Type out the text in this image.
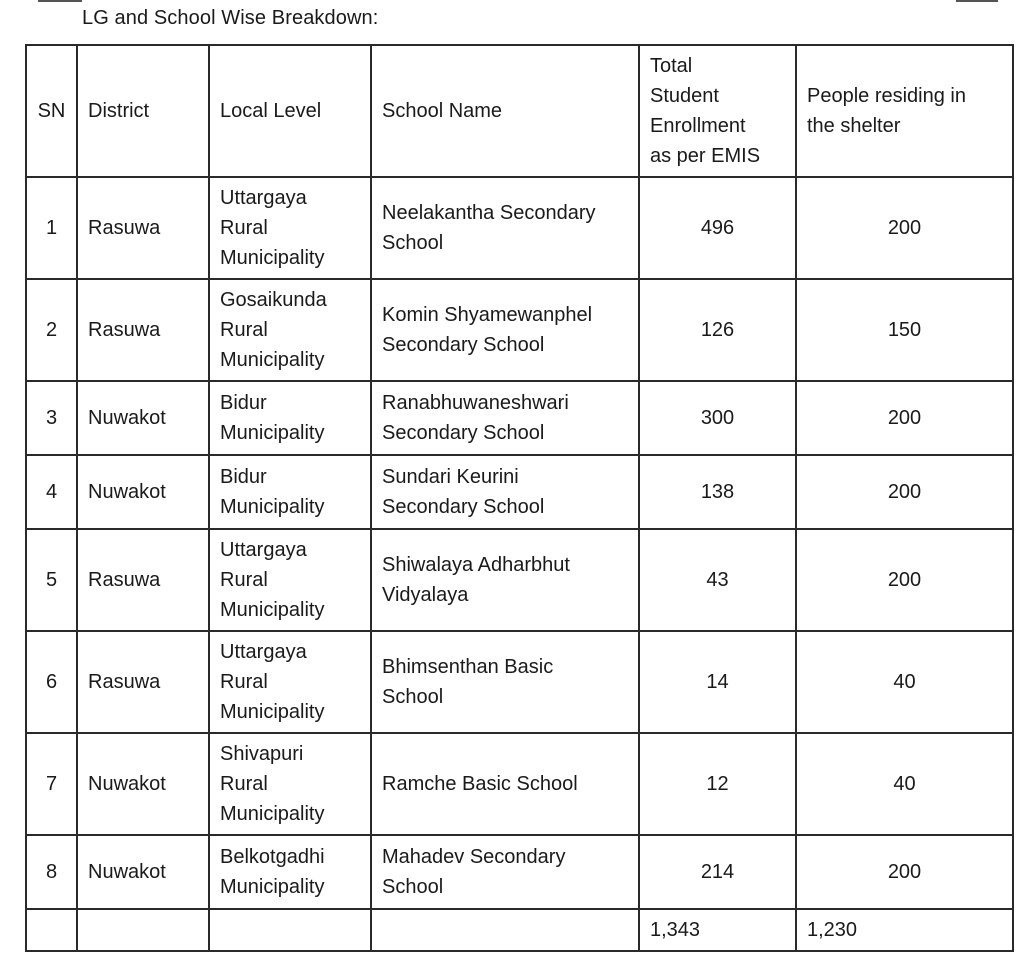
LG and School Wise Breakdown:
SN	District	Local Level	School Name	Total
Student
Enrollment
as per EMIS	People residing in
the shelter

1	Rasuwa	Uttargaya
Rural
Municipality	Neelakantha Secondary
School	496	200
2	Rasuwa	Gosaikunda
Rural
Municipality	Komin Shyamewanphel
Secondary School	126	150
3	Nuwakot	Bidur
Municipality	Ranabhuwaneshwari
Secondary School	300	200
4	Nuwakot	Bidur
Municipality	Sundari Keurini
Secondary School	138	200
5	Rasuwa	Uttargaya
Rural
Municipality	Shiwalaya Adharbhut
Vidyalaya	43	200
6	Rasuwa	Uttargaya
Rural
Municipality	Bhimsenthan Basic
School	14	40
7	Nuwakot	Shivapuri
Rural
Municipality	Ramche Basic School	12	40
8	Nuwakot	Belkotgadhi
Municipality	Mahadev Secondary
School	214	200
				1,343	1,230
